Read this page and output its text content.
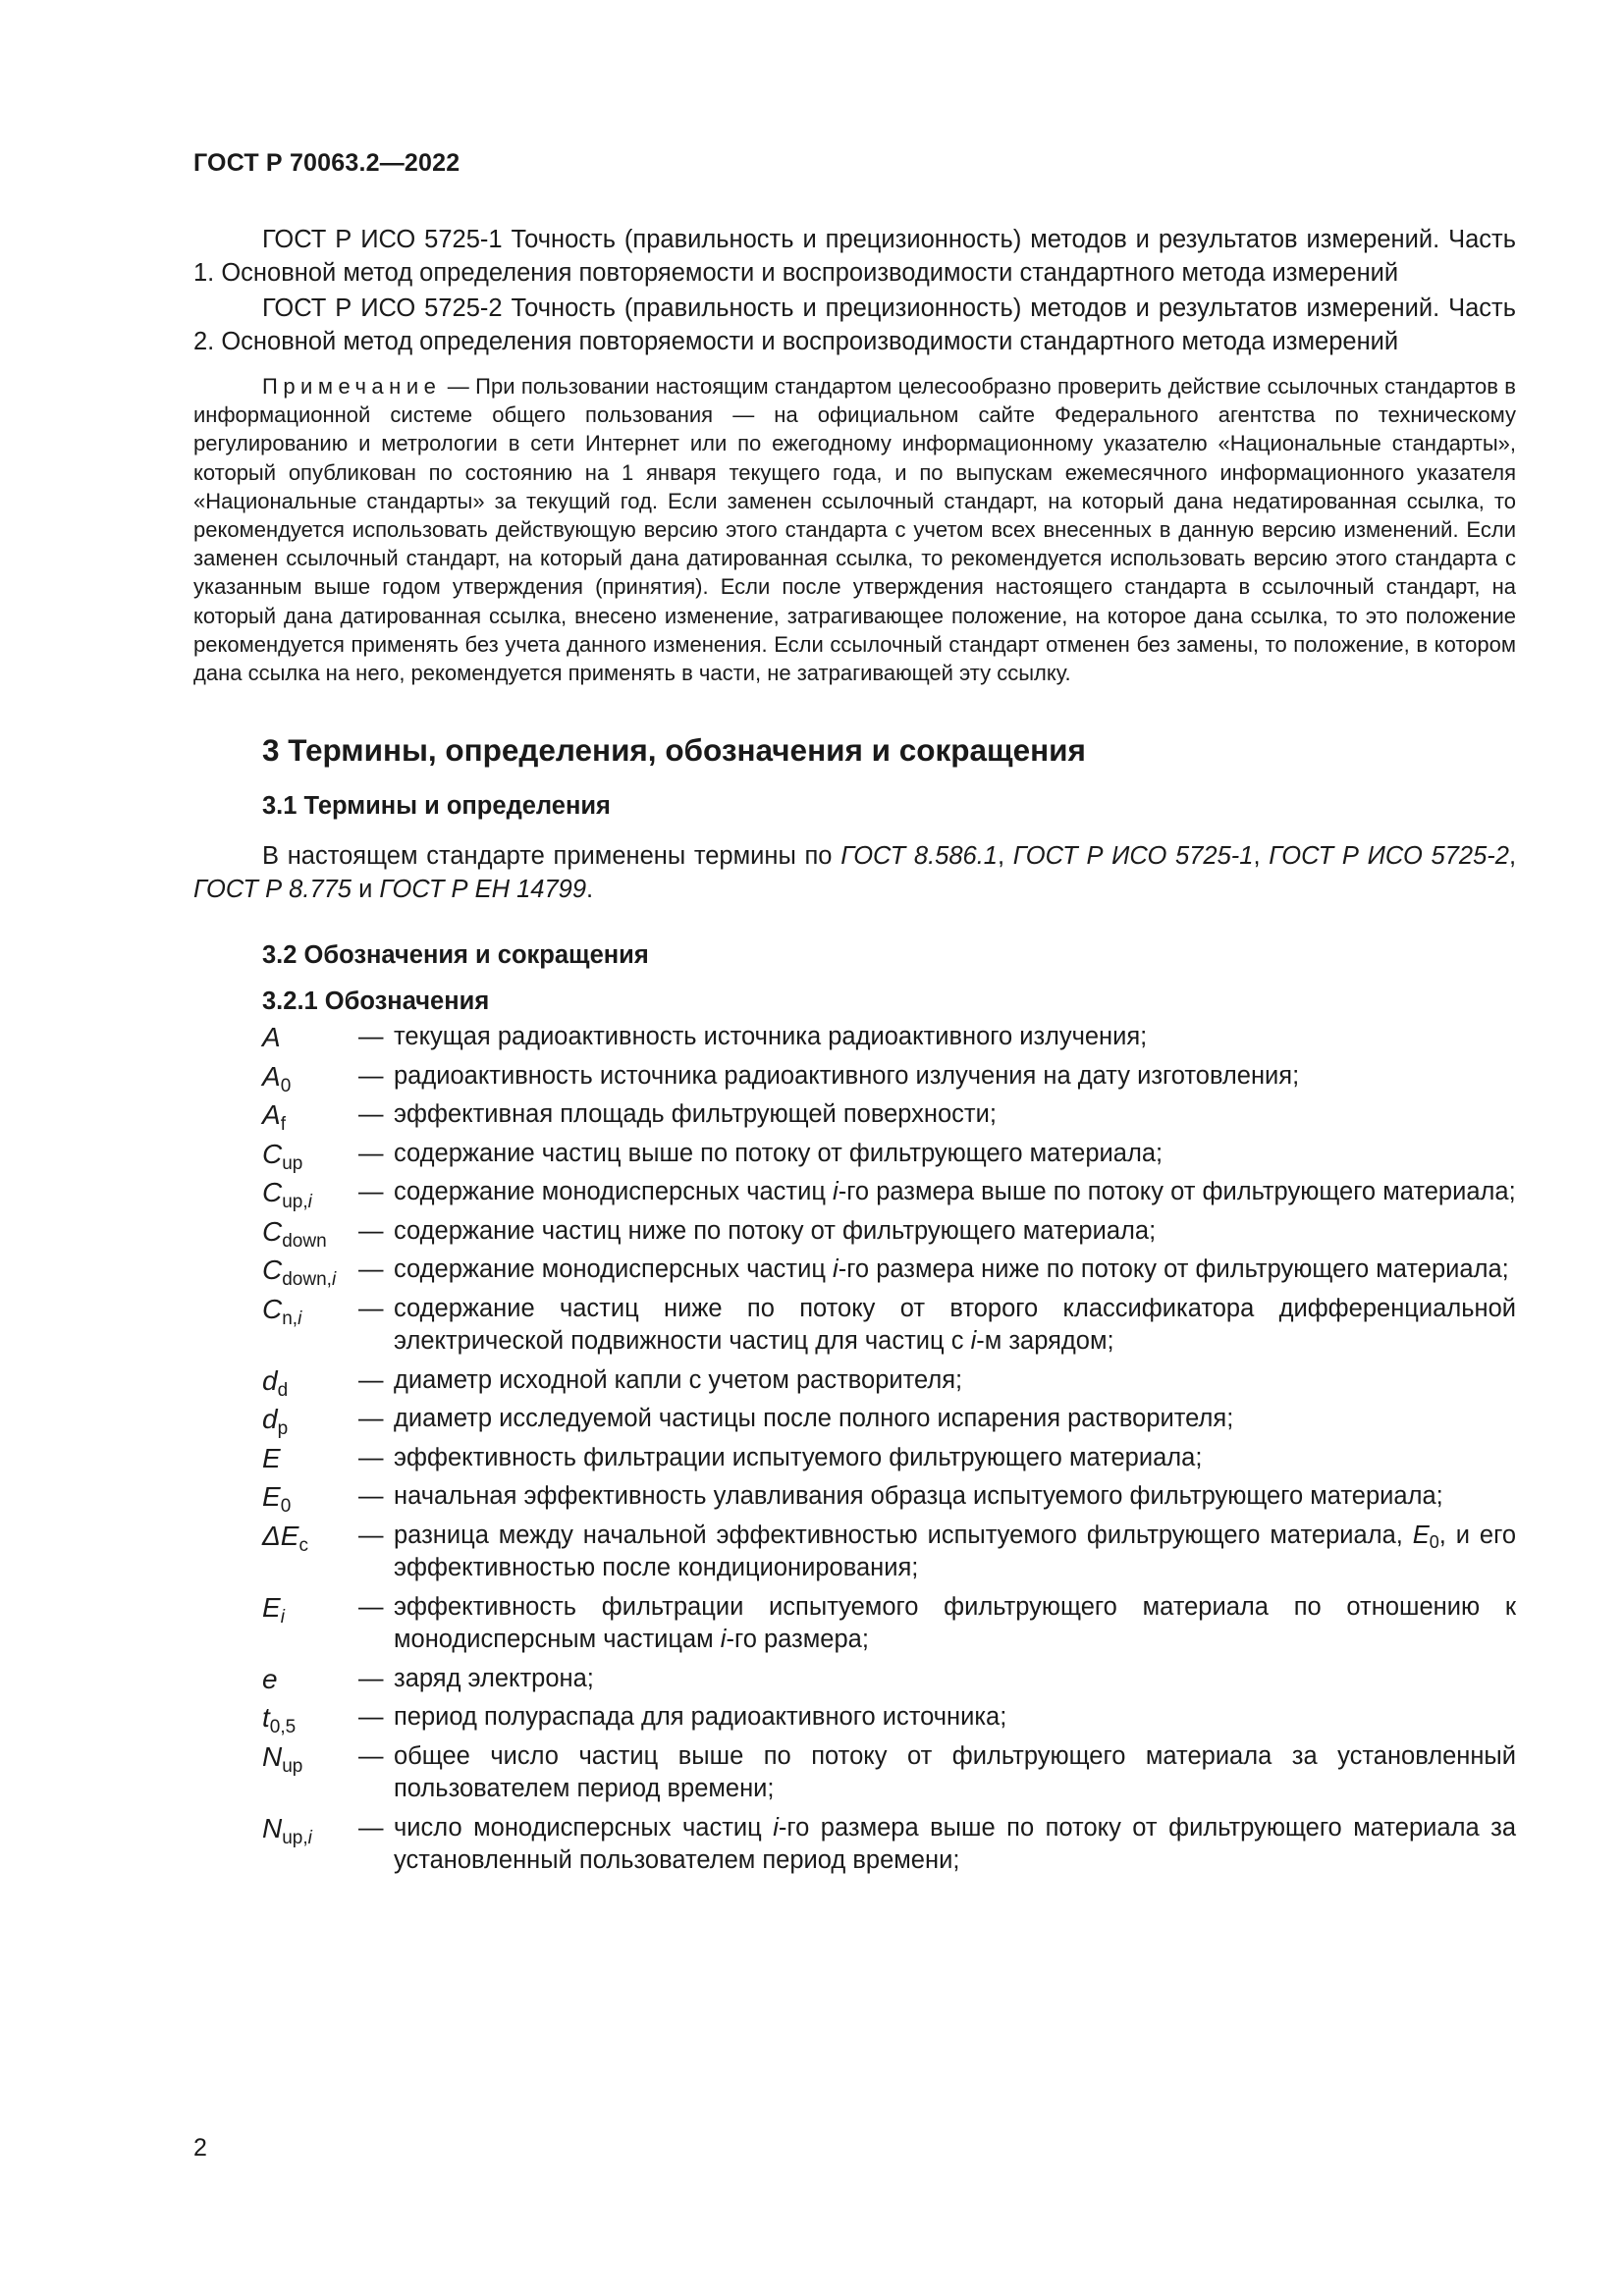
ГОСТ Р 70063.2—2022

ГОСТ Р ИСО 5725-1 Точность (правильность и прецизионность) методов и результатов измерений. Часть 1. Основной метод определения повторяемости и воспроизводимости стандартного метода измерений

ГОСТ Р ИСО 5725-2 Точность (правильность и прецизионность) методов и результатов измерений. Часть 2. Основной метод определения повторяемости и воспроизводимости стандартного метода измерений

Примечание — При пользовании настоящим стандартом целесообразно проверить действие ссылочных стандартов в информационной системе общего пользования — на официальном сайте Федерального агентства по техническому регулированию и метрологии в сети Интернет или по ежегодному информационному указателю «Национальные стандарты», который опубликован по состоянию на 1 января текущего года, и по выпускам ежемесячного информационного указателя «Национальные стандарты» за текущий год. Если заменен ссылочный стандарт, на который дана недатированная ссылка, то рекомендуется использовать действующую версию этого стандарта с учетом всех внесенных в данную версию изменений. Если заменен ссылочный стандарт, на который дана датированная ссылка, то рекомендуется использовать версию этого стандарта с указанным выше годом утверждения (принятия). Если после утверждения настоящего стандарта в ссылочный стандарт, на который дана датированная ссылка, внесено изменение, затрагивающее положение, на которое дана ссылка, то это положение рекомендуется применять без учета данного изменения. Если ссылочный стандарт отменен без замены, то положение, в котором дана ссылка на него, рекомендуется применять в части, не затрагивающей эту ссылку.

3 Термины, определения, обозначения и сокращения

3.1 Термины и определения

В настоящем стандарте применены термины по ГОСТ 8.586.1, ГОСТ Р ИСО 5725-1, ГОСТ Р ИСО 5725-2, ГОСТ Р 8.775 и ГОСТ Р ЕН 14799.

3.2 Обозначения и сокращения

3.2.1 Обозначения

A	— текущая радиоактивность источника радиоактивного излучения;
$A_0$	— радиоактивность источника радиоактивного излучения на дату изготовления;
$A_f$	— эффективная площадь фильтрующей поверхности;
$C_{up}$	— содержание частиц выше по потоку от фильтрующего материала;
$C_{up,i}$	— содержание монодисперсных частиц i-го размера выше по потоку от фильтрующего материала;
$C_{down}$	— содержание частиц ниже по потоку от фильтрующего материала;
$C_{down,i}$ — содержание монодисперсных частиц i-го размера ниже по потоку от фильтрующего материала;
$C_{n,i}$	— содержание частиц ниже по потоку от второго классификатора дифференциальной электрической подвижности частиц для частиц с i-м зарядом;
$d_d$	— диаметр исходной капли с учетом растворителя;
$d_p$	— диаметр исследуемой частицы после полного испарения растворителя;
E	— эффективность фильтрации испытуемого фильтрующего материала;
$E_0$	— начальная эффективность улавливания образца испытуемого фильтрующего материала;
$\Delta E_c$	— разница между начальной эффективностью испытуемого фильтрующего материала, $E_0$, и его эффективностью после кондиционирования;
$E_i$	— эффективность фильтрации испытуемого фильтрующего материала по отношению к монодисперсным частицам i-го размера;
e	— заряд электрона;
$t_{0,5}$	— период полураспада для радиоактивного источника;
$N_{up}$	— общее число частиц выше по потоку от фильтрующего материала за установленный пользователем период времени;
$N_{up,i}$	— число монодисперсных частиц i-го размера выше по потоку от фильтрующего материала за установленный пользователем период времени;
2
